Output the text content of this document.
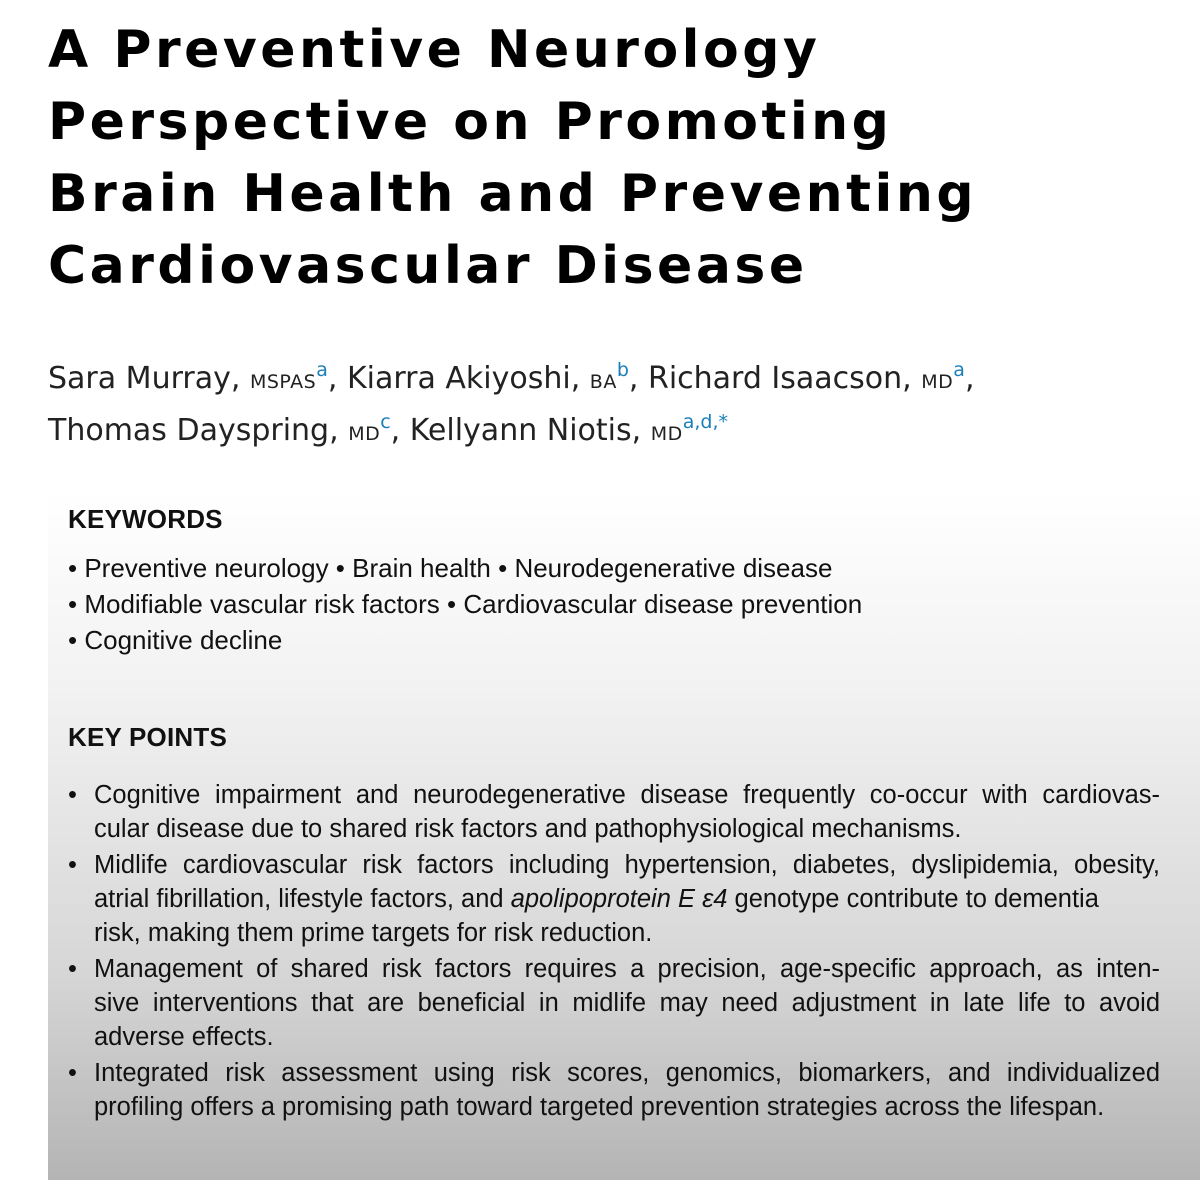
A Preventive Neurology
Perspective on Promoting
Brain Health and Preventing
Cardiovascular Disease
Sara Murray, MSPAS$^a$, Kiarra Akiyoshi, BA$^b$, Richard Isaacson, MD$^a$,
Thomas Dayspring, MD$^c$, Kellyann Niotis, MD$^{a,d,*}$
KEYWORDS
• Preventive neurology • Brain health • Neurodegenerative disease
• Modifiable vascular risk factors • Cardiovascular disease prevention
• Cognitive decline
KEY POINTS
• Cognitive impairment and neurodegenerative disease frequently co-occur with cardiovas-
cular disease due to shared risk factors and pathophysiological mechanisms.
• Midlife cardiovascular risk factors including hypertension, diabetes, dyslipidemia, obesity,
atrial fibrillation, lifestyle factors, and apolipoprotein E ε4 genotype contribute to dementia
risk, making them prime targets for risk reduction.
• Management of shared risk factors requires a precision, age-specific approach, as inten-
sive interventions that are beneficial in midlife may need adjustment in late life to avoid
adverse effects.
• Integrated risk assessment using risk scores, genomics, biomarkers, and individualized
profiling offers a promising path toward targeted prevention strategies across the lifespan.
